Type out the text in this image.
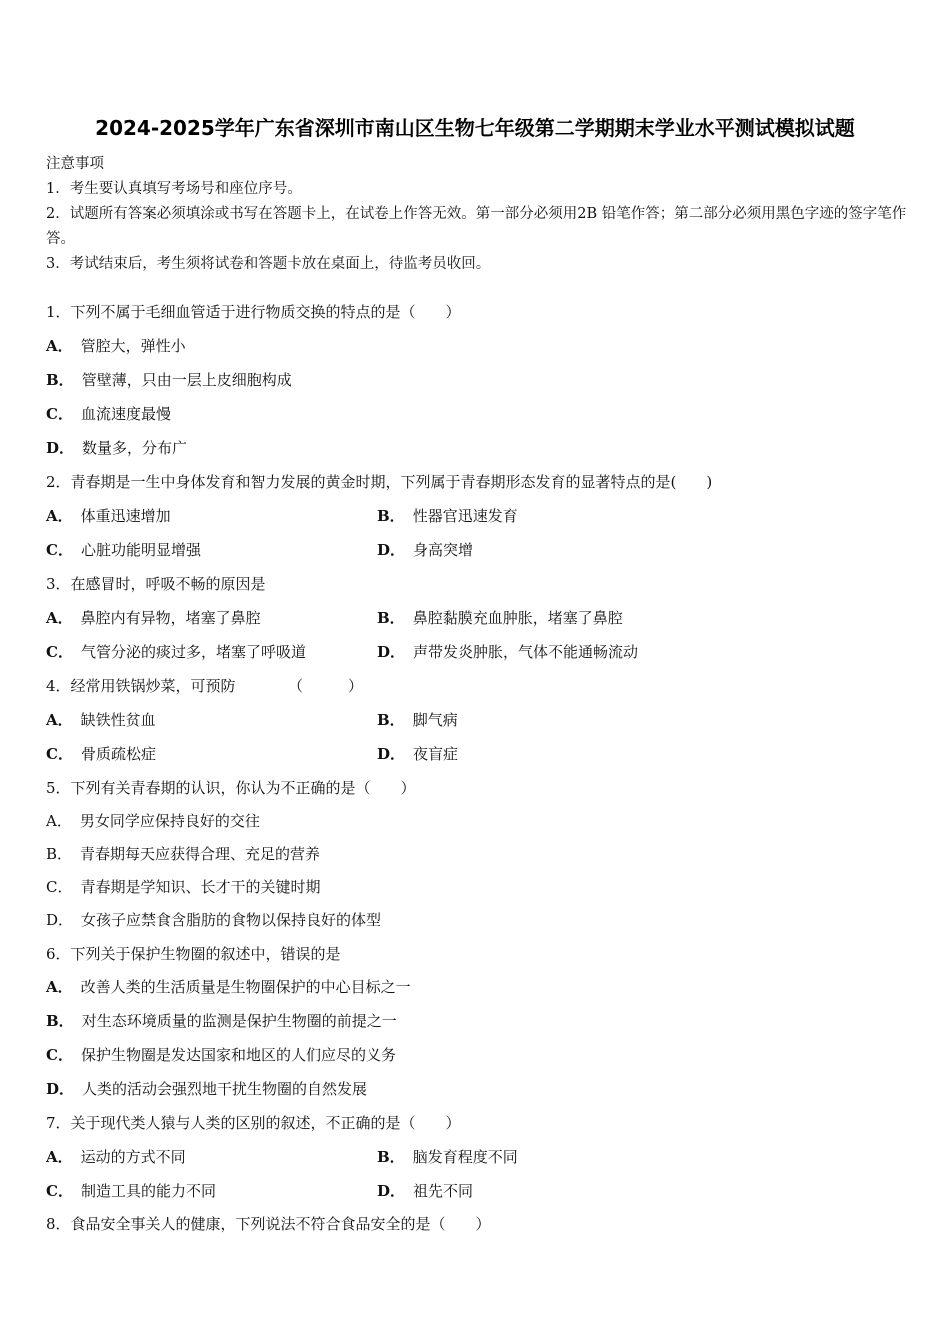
2024-2025学年广东省深圳市南山区生物七年级第二学期期末学业水平测试模拟试题
注意事项
1．考生要认真填写考场号和座位序号。
2．试题所有答案必须填涂或书写在答题卡上，在试卷上作答无效。第一部分必须用2B 铅笔作答；第二部分必须用黑色字迹的签字笔作答。
3．考试结束后，考生须将试卷和答题卡放在桌面上，待监考员收回。
1．下列不属于毛细血管适于进行物质交换的特点的是（　　）
A． 管腔大，弹性小
B． 管壁薄，只由一层上皮细胞构成
C． 血流速度最慢
D． 数量多，分布广
2．青春期是一生中身体发育和智力发展的黄金时期，下列属于青春期形态发育的显著特点的是(　　)
A． 体重迅速增加	B． 性器官迅速发育
C． 心脏功能明显增强	D． 身高突增
3．在感冒时，呼吸不畅的原因是
A． 鼻腔内有异物，堵塞了鼻腔	B． 鼻腔黏膜充血肿胀，堵塞了鼻腔
C． 气管分泌的痰过多，堵塞了呼吸道	D． 声带发炎肿胀，气体不能通畅流动
4．经常用铁锅炒菜，可预防　　　　（　　　）
A． 缺铁性贫血	B． 脚气病
C． 骨质疏松症	D． 夜盲症
5．下列有关青春期的认识，你认为不正确的是（　　）
A． 男女同学应保持良好的交往
B． 青春期每天应获得合理、充足的营养
C． 青春期是学知识、长才干的关键时期
D． 女孩子应禁食含脂肪的食物以保持良好的体型
6．下列关于保护生物圈的叙述中，错误的是
A． 改善人类的生活质量是生物圈保护的中心目标之一
B． 对生态环境质量的监测是保护生物圈的前提之一
C． 保护生物圈是发达国家和地区的人们应尽的义务
D． 人类的活动会强烈地干扰生物圈的自然发展
7．关于现代类人猿与人类的区别的叙述，不正确的是（　　）
A． 运动的方式不同	B． 脑发育程度不同
C． 制造工具的能力不同	D． 祖先不同
8．食品安全事关人的健康，下列说法不符合食品安全的是（　　）
